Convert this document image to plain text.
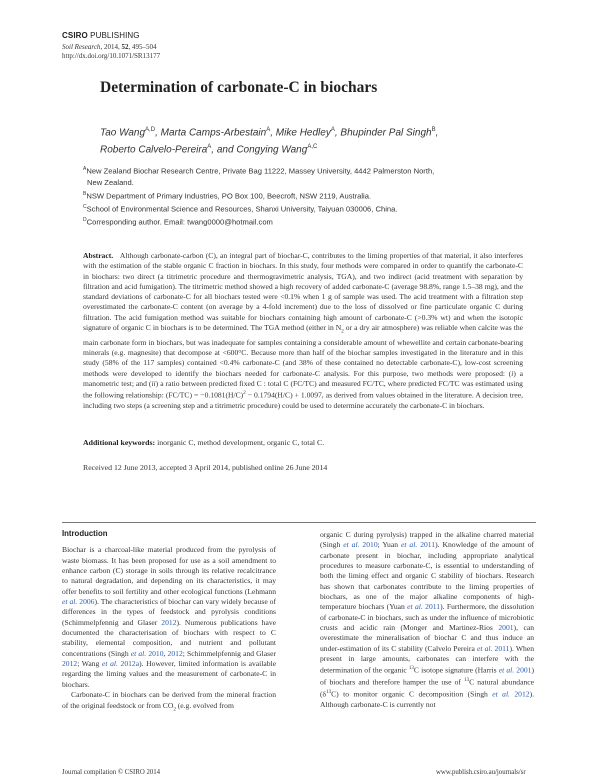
CSIRO PUBLISHING
Soil Research, 2014, 52, 495–504
http://dx.doi.org/10.1071/SR13177
Determination of carbonate-C in biochars
Tao Wang$^{A,D}$, Marta Camps-Arbestain$^A$, Mike Hedley$^A$, Bhupinder Pal Singh$^B$,
Roberto Calvelo-Pereira$^A$, and Congying Wang$^{A,C}$
$^A$New Zealand Biochar Research Centre, Private Bag 11222, Massey University, 4442 Palmerston North,
New Zealand.
$^B$NSW Department of Primary Industries, PO Box 100, Beecroft, NSW 2119, Australia.
$^C$School of Environmental Science and Resources, Shanxi University, Taiyuan 030006, China.
$^D$Corresponding author. Email: twang0000@hotmail.com
Abstract. Although carbonate-carbon (C), an integral part of biochar-C, contributes to the liming properties of that material, it also interferes with the estimation of the stable organic C fraction in biochars. In this study, four methods were compared in order to quantify the carbonate-C in biochars: two direct (a titrimetric procedure and thermogravimetric analysis, TGA), and two indirect (acid treatment with separation by filtration and acid fumigation). The titrimetric method showed a high recovery of added carbonate-C (average 98.8%, range 1.5–38 mg), and the standard deviations of carbonate-C for all biochars tested were <0.1% when 1 g of sample was used. The acid treatment with a filtration step overestimated the carbonate-C content (on average by a 4-fold increment) due to the loss of dissolved or fine particulate organic C during filtration. The acid fumigation method was suitable for biochars containing high amount of carbonate-C (>0.3% wt) and when the isotopic signature of organic C in biochars is to be determined. The TGA method (either in $N_2$ or a dry air atmosphere) was reliable when calcite was the main carbonate form in biochars, but was inadequate for samples containing a considerable amount of whewellite and certain carbonate-bearing minerals (e.g. magnesite) that decompose at <600°C. Because more than half of the biochar samples investigated in the literature and in this study (58% of the 117 samples) contained <0.4% carbonate-C (and 38% of these contained no detectable carbonate-C), low-cost screening methods were developed to identify the biochars needed for carbonate-C analysis. For this purpose, two methods were proposed: (i) a manometric test; and (ii) a ratio between predicted fixed C : total C (FC/TC) and measured FC/TC, where predicted FC/TC was estimated using the following relationship: $(FC/TC) = -0.1081(H/C)^2 - 0.1794(H/C) + 1.0097$, as derived from values obtained in the literature. A decision tree, including two steps (a screening step and a titrimetric procedure) could be used to determine accurately the carbonate-C in biochars.
Additional keywords: inorganic C, method development, organic C, total C.
Received 12 June 2013, accepted 3 April 2014, published online 26 June 2014
Introduction

Biochar is a charcoal-like material produced from the pyrolysis of waste biomass. It has been proposed for use as a soil amendment to enhance carbon (C) storage in soils through its relative recalcitrance to natural degradation, and depending on its characteristics, it may offer benefits to soil fertility and other ecological functions (Lehmann et al. 2006). The characteristics of biochar can vary widely because of differences in the types of feedstock and pyrolysis conditions (Schimmelpfennig and Glaser 2012). Numerous publications have documented the characterisation of biochars with respect to C stability, elemental composition, and nutrient and pollutant concentrations (Singh et al. 2010, 2012; Schimmelpfennig and Glaser 2012; Wang et al. 2012a). However, limited information is available regarding the liming values and the measurement of carbonate-C in biochars.

Carbonate-C in biochars can be derived from the mineral fraction of the original feedstock or from $CO_2$ (e.g. evolved from

organic C during pyrolysis) trapped in the alkaline charred material (Singh et al. 2010; Yuan et al. 2011). Knowledge of the amount of carbonate present in biochar, including appropriate analytical procedures to measure carbonate-C, is essential to understanding of both the liming effect and organic C stability of biochars. Research has shown that carbonates contribute to the liming properties of biochars, as one of the major alkaline components of high-temperature biochars (Yuan et al. 2011). Furthermore, the dissolution of carbonate-C in biochars, such as under the influence of microbiotic crusts and acidic rain (Monger and Martinez-Rios 2001), can overestimate the mineralisation of biochar C and thus induce an under-estimation of its C stability (Calvelo Pereira et al. 2011). When present in large amounts, carbonates can interfere with the determination of the organic $^{13}$C isotope signature (Harris et al. 2001) of biochars and therefore hamper the use of $^{13}$C natural abundance $(\delta^{13}C)$ to monitor organic C decomposition (Singh et al. 2012). Although carbonate-C is currently not

Journal compilation © CSIRO 2014	www.publish.csiro.au/journals/sr
